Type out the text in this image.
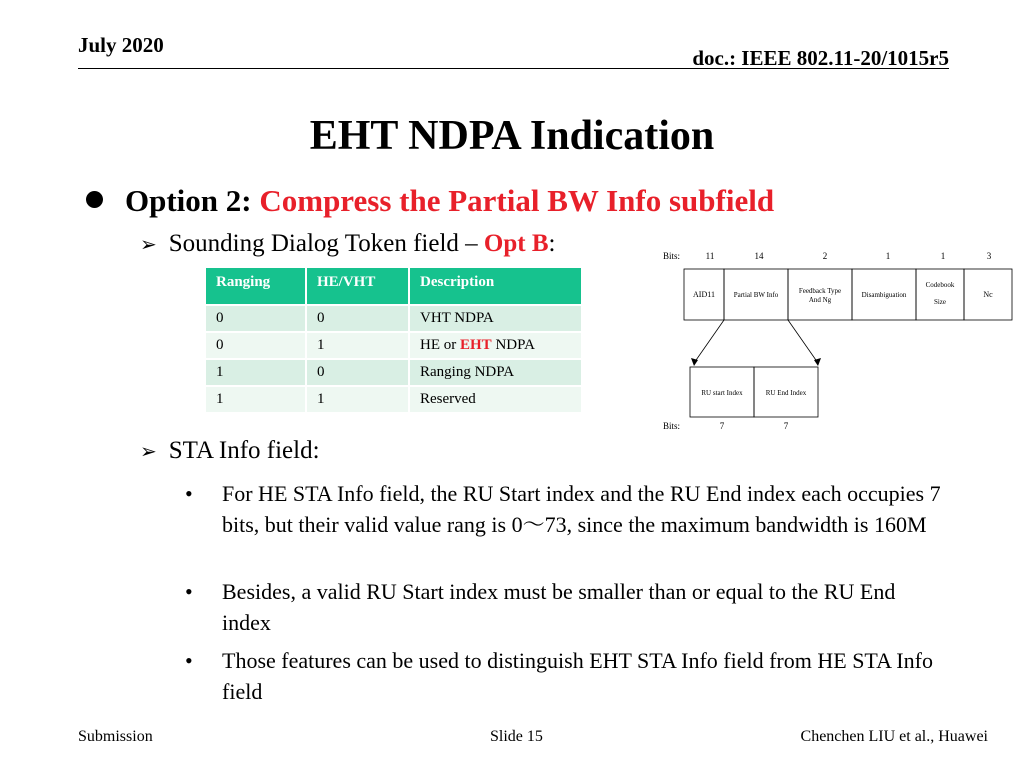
July 2020
doc.: IEEE 802.11-20/1015r5
EHT NDPA Indication
Option 2: Compress the Partial BW Info subfield
➢ Sounding Dialog Token field – Opt B:
Ranging	HE/VHT	Description
0	0	VHT NDPA
0	1	HE or EHT NDPA
1	0	Ranging NDPA
1	1	Reserved
Bits:	11	14	2	1	1	3
AID11	Partial BW Info	Feedback Type
And Ng
Disambiguation
Codebook
Size
Nc
RU start Index	RU End Index
Bits:	7	7
➢ STA Info field:
• For HE STA Info field, the RU Start index and the RU End index each occupies 7 bits, but their valid value rang is 0～73, since the maximum bandwidth is 160M
• Besides, a valid RU Start index must be smaller than or equal to the RU End index
• Those features can be used to distinguish EHT STA Info field from HE STA Info field
Submission	Slide 15	Chenchen LIU et al., Huawei
